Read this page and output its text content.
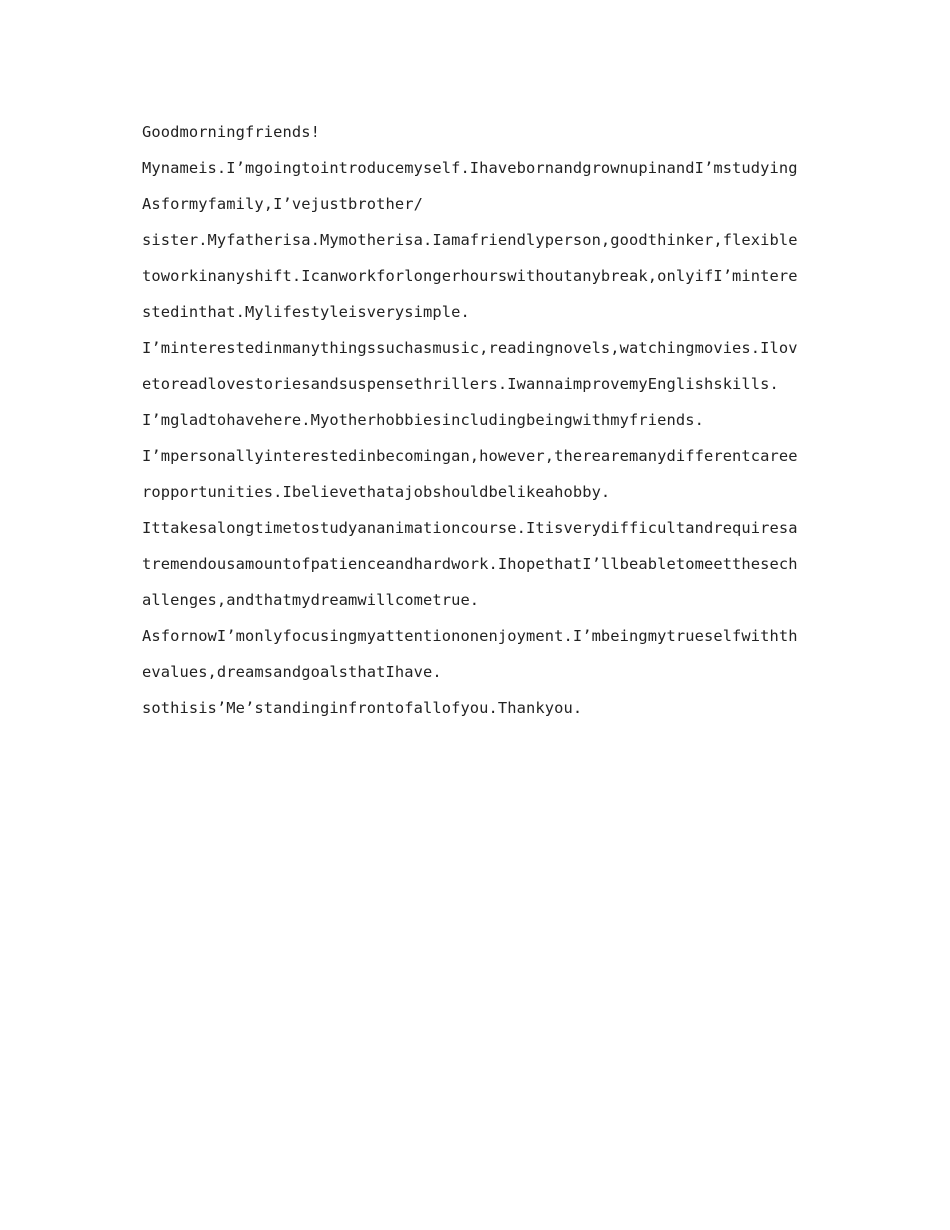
Goodmorningfriends!

Mynameis.I’mgoingtointroducemyself.IhavebornandgrownupinandI’mstudyingAsformyfamily,I’vejustbrother/

sister.Myfatherisa.Mymotherisa.Iamafriendlyperson,goodthinker,flexibletoworkinanyshift.Icanworkforlongerhourswithoutanybreak,onlyifI’minterestedinthat.Mylifestyleisverysimple.

I’minterestedinmanythingssuchasmusic,readingnovels,watchingmovies.Ilovetoreadlovestoriesandsuspensethrillers.IwannaimprovemyEnglishskills.I’mgladtohavehere.Myotherhobbiesincludingbeingwithmyfriends.

I’mpersonallyinterestedinbecomingan,however,therearemanydifferentcareeropportunities.Ibelievethatajobshouldbelikeahobby.

Ittakesalongtimetostudyananimationcourse.Itisverydifficultandrequiresatremendousamountofpatienceandhardwork.IhopethatI’llbeabletomeetthesechallenges,andthatmydreamwillcometrue.

AsfornowI’monlyfocusingmyattentiononenjoyment.I’mbeingmytrueselfwiththevalues,dreamsandgoalsthatIhave.

sothisis’Me’standinginfrontofallofyou.Thankyou.
